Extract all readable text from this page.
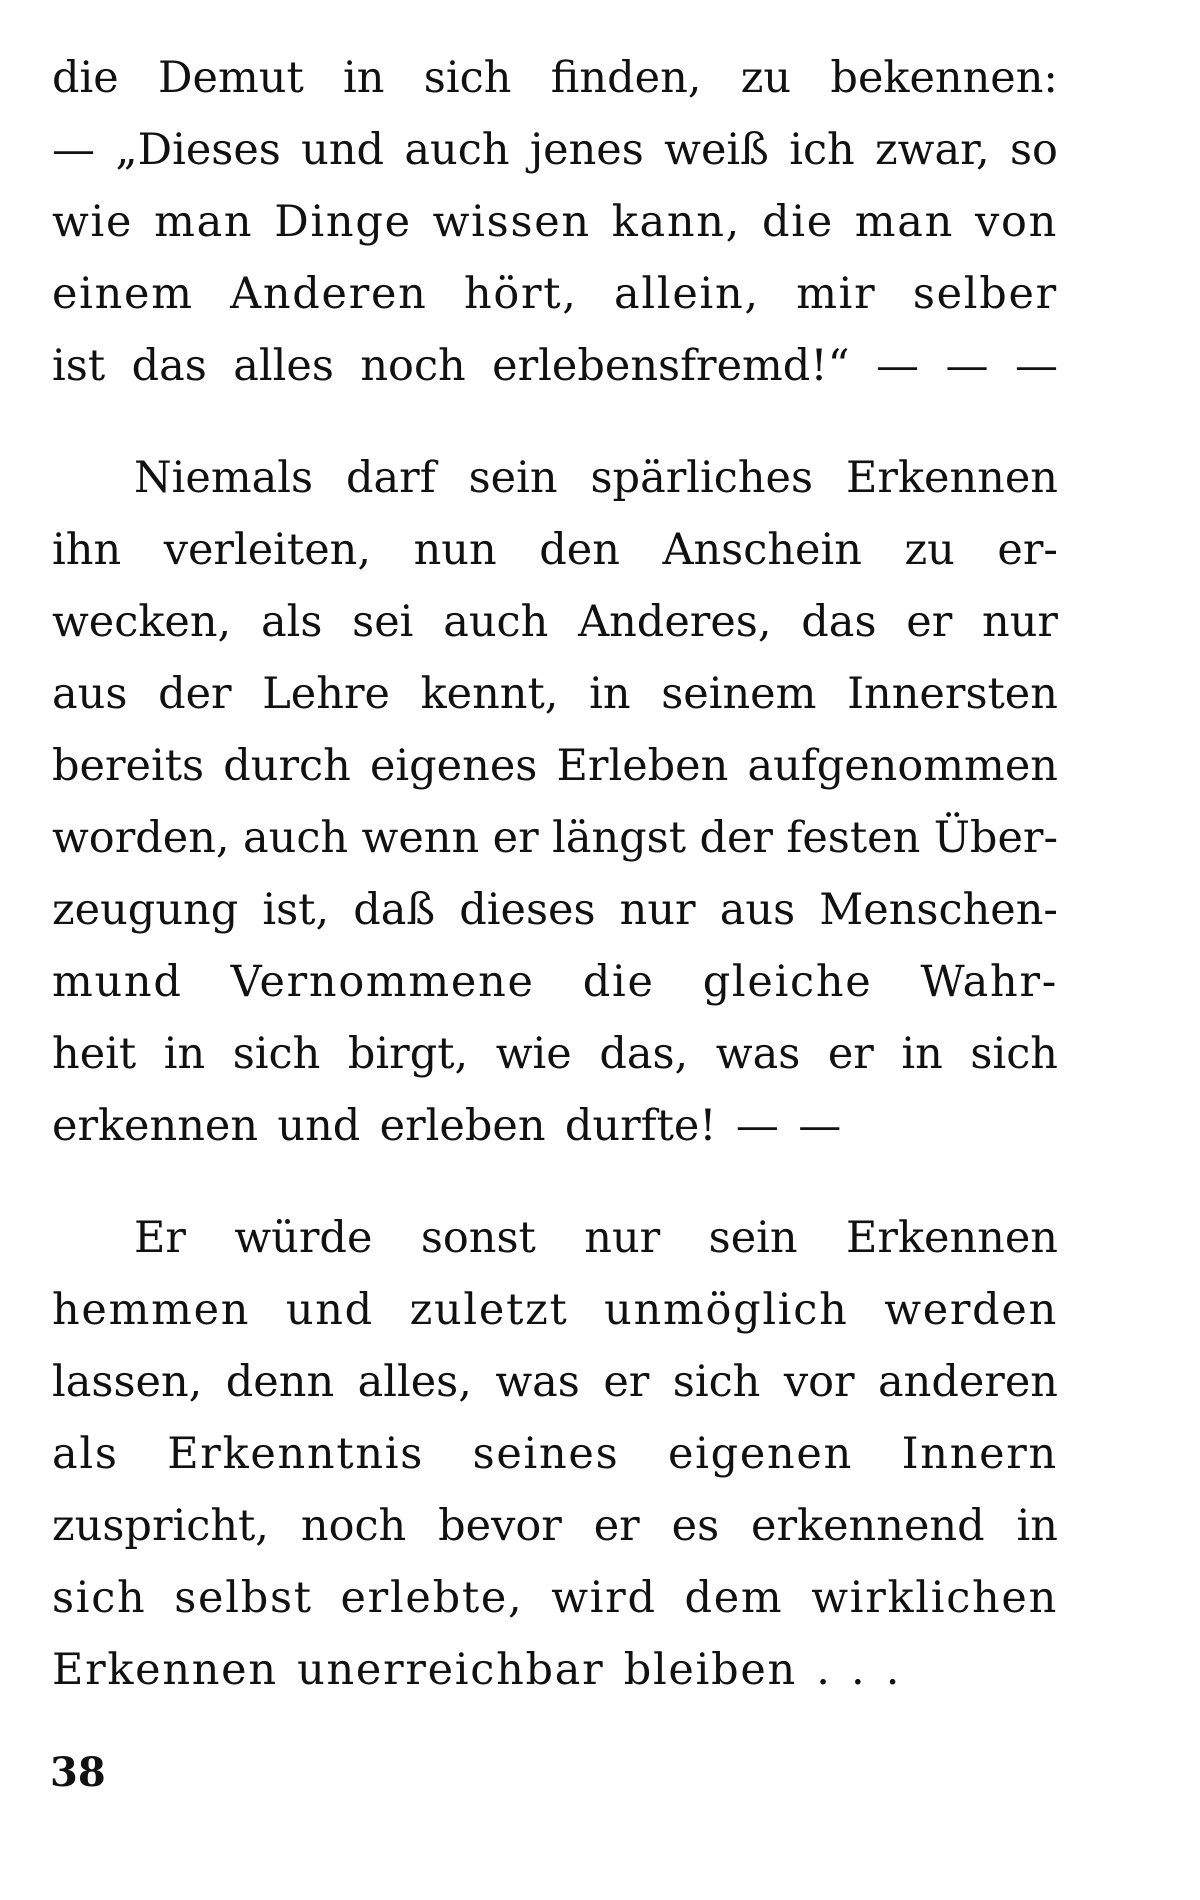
die Demut in sich finden, zu bekennen:
— „Dieses und auch jenes weiß ich zwar, so
wie man Dinge wissen kann, die man von
einem Anderen hört, allein, mir selber
ist das alles noch erlebensfremd!“ — — —
Niemals darf sein spärliches Erkennen
ihn verleiten, nun den Anschein zu er-
wecken, als sei auch Anderes, das er nur
aus der Lehre kennt, in seinem Innersten
bereits durch eigenes Erleben aufgenommen
worden, auch wenn er längst der festen Über-
zeugung ist, daß dieses nur aus Menschen-
mund Vernommene die gleiche Wahr-
heit in sich birgt, wie das, was er in sich
erkennen und erleben durfte! — —
Er würde sonst nur sein Erkennen
hemmen und zuletzt unmöglich werden
lassen, denn alles, was er sich vor anderen
als Erkenntnis seines eigenen Innern
zuspricht, noch bevor er es erkennend in
sich selbst erlebte, wird dem wirklichen
Erkennen unerreichbar bleiben . . .
38
